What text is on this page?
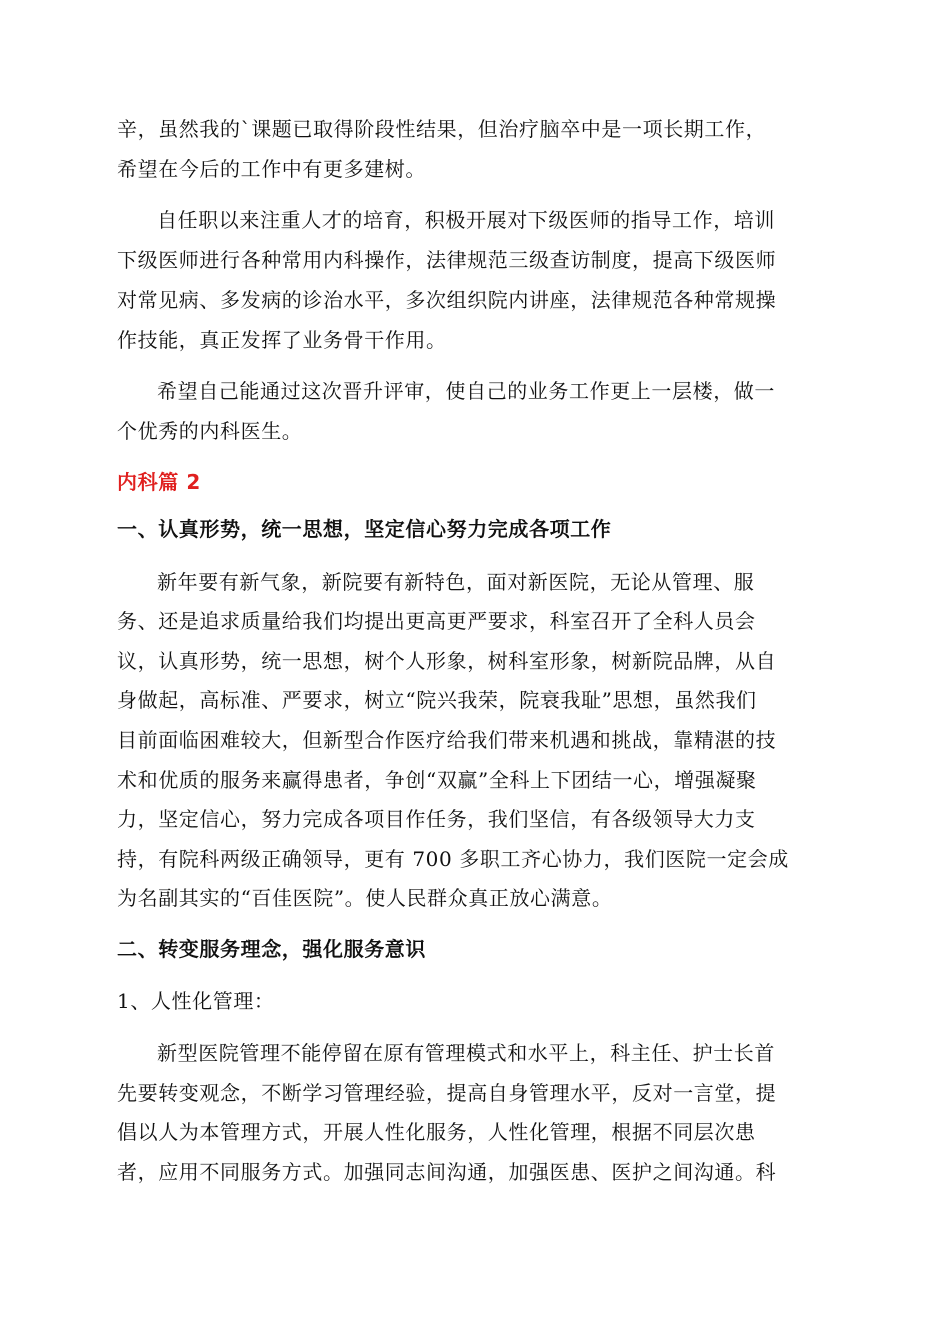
辛，虽然我的`课题已取得阶段性结果，但治疗脑卒中是一项长期工作，
希望在今后的工作中有更多建树。
自任职以来注重人才的培育，积极开展对下级医师的指导工作，培训
下级医师进行各种常用内科操作，法律规范三级查访制度，提高下级医师
对常见病、多发病的诊治水平，多次组织院内讲座，法律规范各种常规操
作技能，真正发挥了业务骨干作用。
希望自己能通过这次晋升评审，使自己的业务工作更上一层楼，做一
个优秀的内科医生。
内科篇 2
一、认真形势，统一思想，坚定信心努力完成各项工作
新年要有新气象，新院要有新特色，面对新医院，无论从管理、服
务、还是追求质量给我们均提出更高更严要求，科室召开了全科人员会
议，认真形势，统一思想，树个人形象，树科室形象，树新院品牌，从自
身做起，高标准、严要求，树立“院兴我荣，院衰我耻”思想，虽然我们
目前面临困难较大，但新型合作医疗给我们带来机遇和挑战，靠精湛的技
术和优质的服务来赢得患者，争创“双赢”全科上下团结一心，增强凝聚
力，坚定信心，努力完成各项目作任务，我们坚信，有各级领导大力支
持，有院科两级正确领导，更有 700 多职工齐心协力，我们医院一定会成
为名副其实的“百佳医院”。使人民群众真正放心满意。
二、转变服务理念，强化服务意识
1、人性化管理：
新型医院管理不能停留在原有管理模式和水平上，科主任、护士长首
先要转变观念，不断学习管理经验，提高自身管理水平，反对一言堂，提
倡以人为本管理方式，开展人性化服务，人性化管理，根据不同层次患
者，应用不同服务方式。加强同志间沟通，加强医患、医护之间沟通。科
